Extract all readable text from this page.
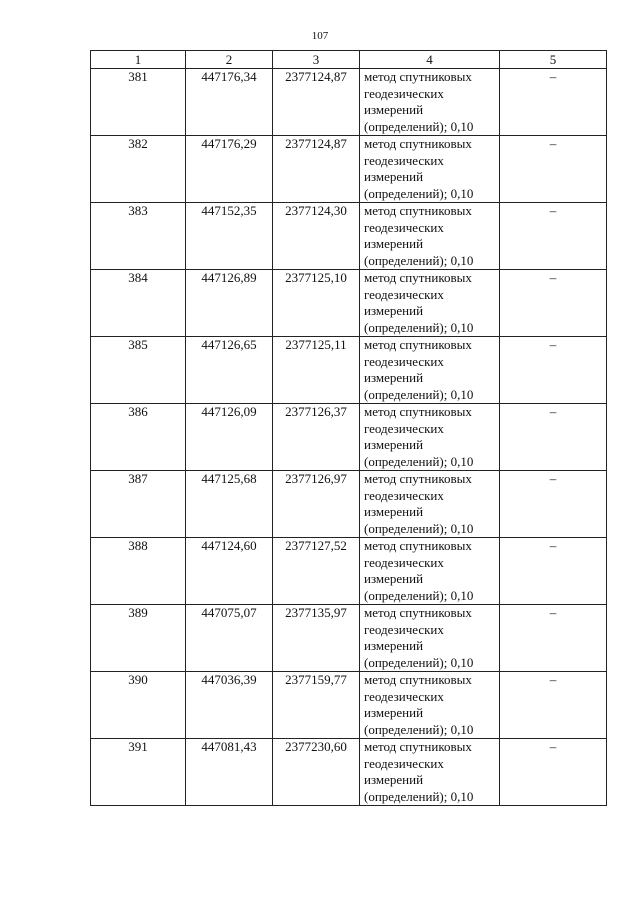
107
1	2	3	4	5
381	447176,34	2377124,87	метод спутниковых
геодезических
измерений
(определений); 0,10	–
382	447176,29	2377124,87	метод спутниковых
геодезических
измерений
(определений); 0,10	–
383	447152,35	2377124,30	метод спутниковых
геодезических
измерений
(определений); 0,10	–
384	447126,89	2377125,10	метод спутниковых
геодезических
измерений
(определений); 0,10	–
385	447126,65	2377125,11	метод спутниковых
геодезических
измерений
(определений); 0,10	–
386	447126,09	2377126,37	метод спутниковых
геодезических
измерений
(определений); 0,10	–
387	447125,68	2377126,97	метод спутниковых
геодезических
измерений
(определений); 0,10	–
388	447124,60	2377127,52	метод спутниковых
геодезических
измерений
(определений); 0,10	–
389	447075,07	2377135,97	метод спутниковых
геодезических
измерений
(определений); 0,10	–
390	447036,39	2377159,77	метод спутниковых
геодезических
измерений
(определений); 0,10	–
391	447081,43	2377230,60	метод спутниковых
геодезических
измерений
(определений); 0,10	–
